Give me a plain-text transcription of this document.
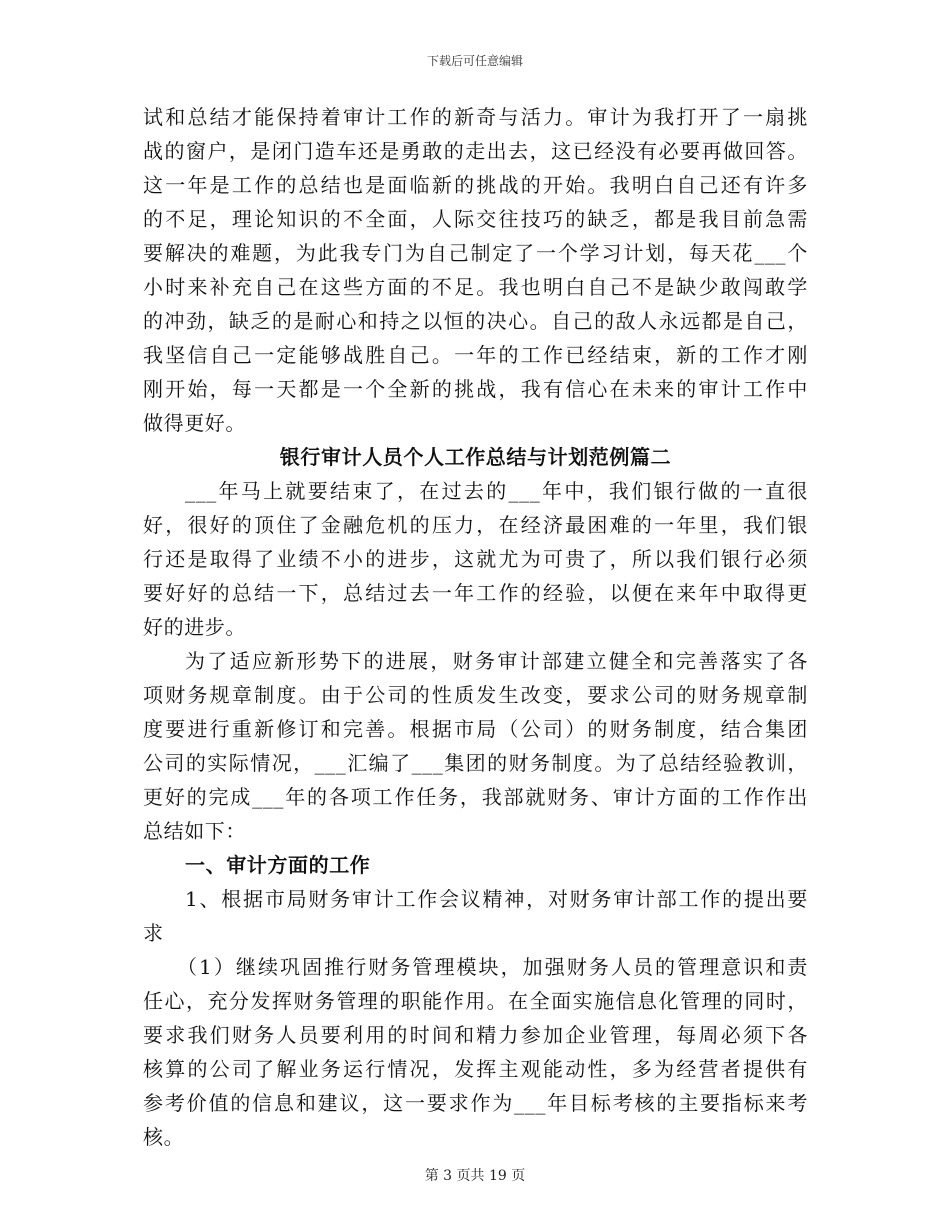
下载后可任意编辑
试和总结才能保持着审计工作的新奇与活力。审计为我打开了一扇挑
战的窗户，是闭门造车还是勇敢的走出去，这已经没有必要再做回答。
这一年是工作的总结也是面临新的挑战的开始。我明白自己还有许多
的不足，理论知识的不全面，人际交往技巧的缺乏，都是我目前急需
要解决的难题，为此我专门为自己制定了一个学习计划，每天花___个
小时来补充自己在这些方面的不足。我也明白自己不是缺少敢闯敢学
的冲劲，缺乏的是耐心和持之以恒的决心。自己的敌人永远都是自己，
我坚信自己一定能够战胜自己。一年的工作已经结束，新的工作才刚
刚开始，每一天都是一个全新的挑战，我有信心在未来的审计工作中
做得更好。
银行审计人员个人工作总结与计划范例篇二
___年马上就要结束了，在过去的___年中，我们银行做的一直很
好，很好的顶住了金融危机的压力，在经济最困难的一年里，我们银
行还是取得了业绩不小的进步，这就尤为可贵了，所以我们银行必须
要好好的总结一下，总结过去一年工作的经验，以便在来年中取得更
好的进步。
为了适应新形势下的进展，财务审计部建立健全和完善落实了各
项财务规章制度。由于公司的性质发生改变，要求公司的财务规章制
度要进行重新修订和完善。根据市局（公司）的财务制度，结合集团
公司的实际情况，___汇编了___集团的财务制度。为了总结经验教训，
更好的完成___年的各项工作任务，我部就财务、审计方面的工作作出
总结如下：
一、审计方面的工作
1、根据市局财务审计工作会议精神，对财务审计部工作的提出要
求
（1）继续巩固推行财务管理模块，加强财务人员的管理意识和责
任心，充分发挥财务管理的职能作用。在全面实施信息化管理的同时，
要求我们财务人员要利用的时间和精力参加企业管理，每周必须下各
核算的公司了解业务运行情况，发挥主观能动性，多为经营者提供有
参考价值的信息和建议，这一要求作为___年目标考核的主要指标来考
核。
第 3 页共 19 页
